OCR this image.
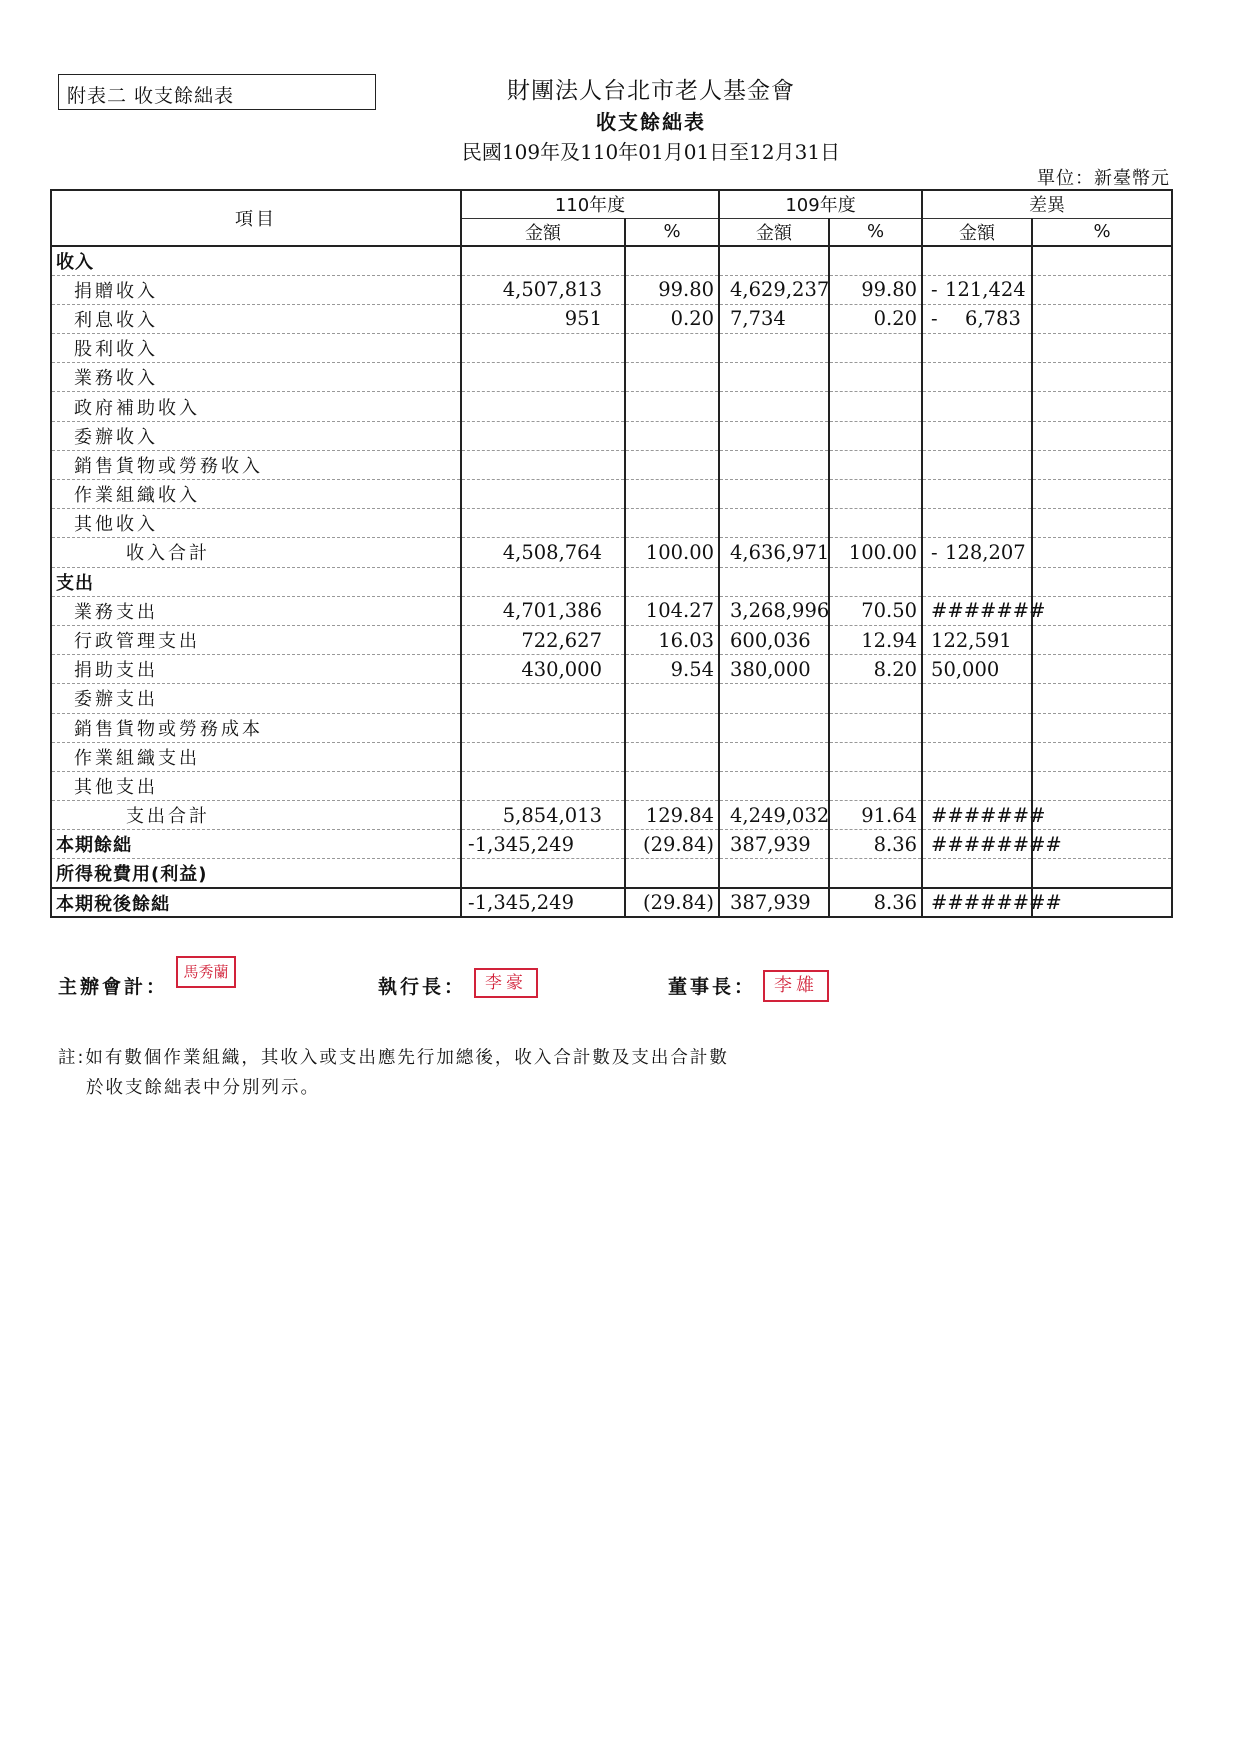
附表二 收支餘絀表	財團法人台北市老人基金會
收支餘絀表
民國109年及110年01月01日至12月31日
單位：新臺幣元
項目	110年度		109年度		差異	
	金額	%	金額	%	金額	%
收入						
捐贈收入	4,507,813	99.80	4,629,237	99.80	- 121,424	
利息收入	951	0.20	7,734	0.20	- 6,783	
股利收入						
業務收入						
政府補助收入						
委辦收入						
銷售貨物或勞務收入						
作業組織收入						
其他收入						
收入合計	4,508,764	100.00	4,636,971	100.00	- 128,207	
支出						
業務支出	4,701,386	104.27	3,268,996	70.50	#######	
行政管理支出	722,627	16.03	600,036	12.94	122,591	
捐助支出	430,000	9.54	380,000	8.20	50,000	
委辦支出						
銷售貨物或勞務成本						
作業組織支出						
其他支出						
支出合計	5,854,013	129.84	4,249,032	91.64	#######	
本期餘絀	- 1,345,249	(29.84)	387,939	8.36	########	
所得稅費用(利益)						
本期稅後餘絀	- 1,345,249	(29.84)	387,939	8.36	########	
主辦會計：
馬秀蘭
執行長：	李豪	董事長： 李雄
註:如有數個作業組織，其收入或支出應先行加總後，收入合計數及支出合計數
於收支餘絀表中分別列示。
